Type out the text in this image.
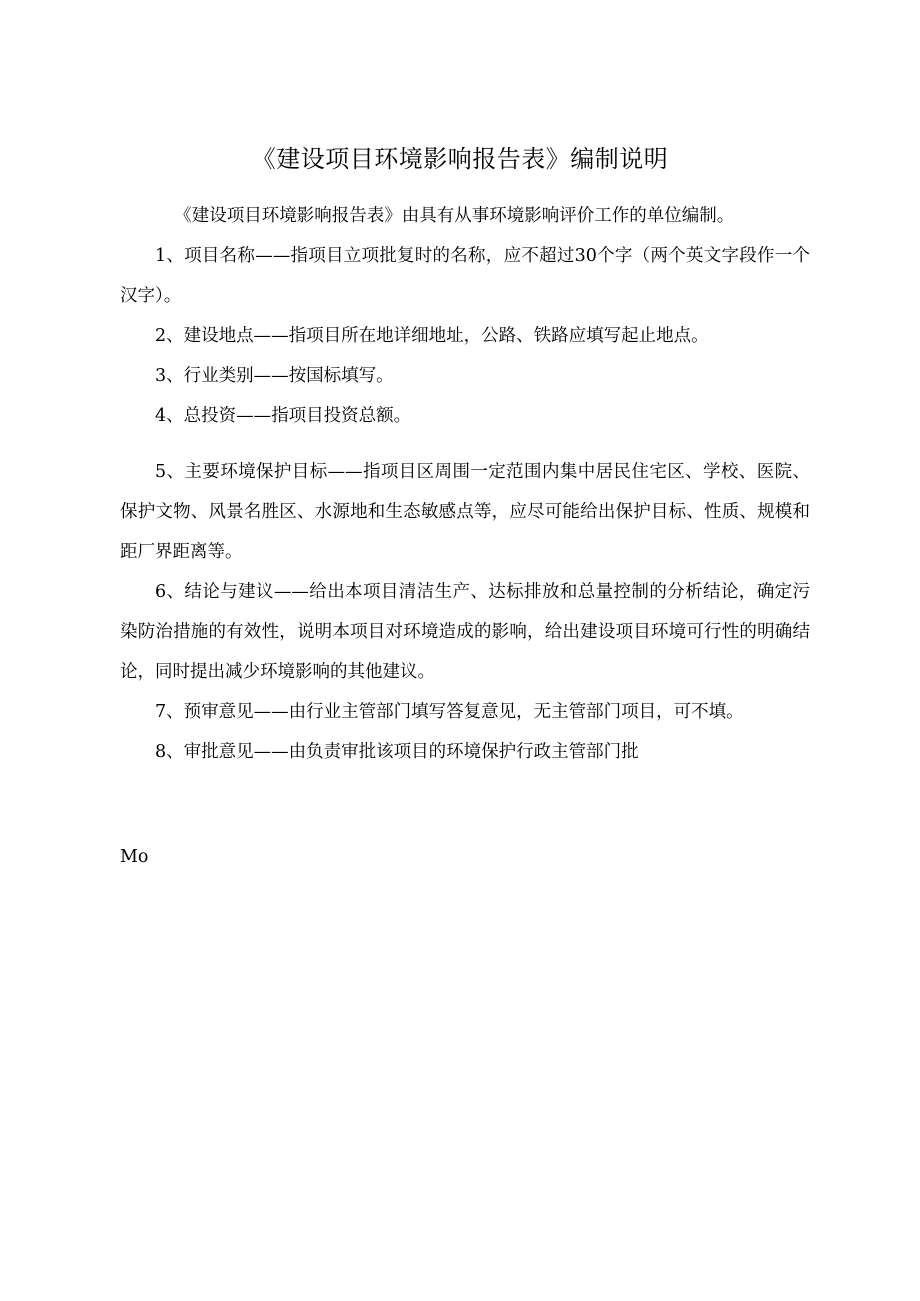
《建设项目环境影响报告表》编制说明

《建设项目环境影响报告表》由具有从事环境影响评价工作的单位编制。

1、项目名称——指项目立项批复时的名称，应不超过30个字（两个英文字段作一个汉字）。

2、建设地点——指项目所在地详细地址，公路、铁路应填写起止地点。

3、行业类别——按国标填写。

4、总投资——指项目投资总额。

5、主要环境保护目标——指项目区周围一定范围内集中居民住宅区、学校、医院、保护文物、风景名胜区、水源地和生态敏感点等，应尽可能给出保护目标、性质、规模和距厂界距离等。

6、结论与建议——给出本项目清洁生产、达标排放和总量控制的分析结论，确定污染防治措施的有效性，说明本项目对环境造成的影响，给出建设项目环境可行性的明确结论，同时提出减少环境影响的其他建议。

7、预审意见——由行业主管部门填写答复意见，无主管部门项目，可不填。

8、审批意见——由负责审批该项目的环境保护行政主管部门批

Mo
